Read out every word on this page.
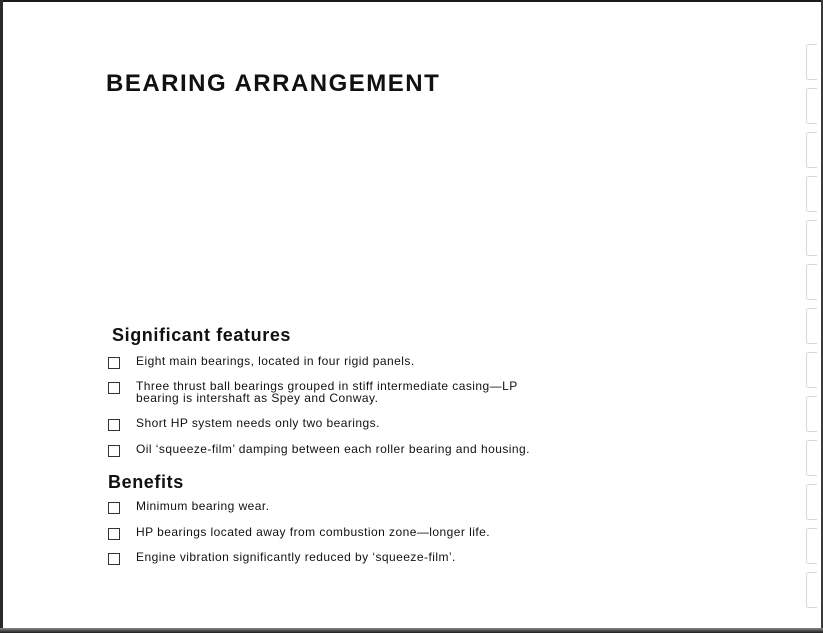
BEARING ARRANGEMENT
Significant features
Eight main bearings, located in four rigid panels.
Three thrust ball bearings grouped in stiff intermediate casing—LP
bearing is intershaft as Spey and Conway.
Short HP system needs only two bearings.
Oil ‘squeeze-film’ damping between each roller bearing and housing.
Benefits
Minimum bearing wear.
HP bearings located away from combustion zone—longer life.
Engine vibration significantly reduced by ‘squeeze-film’.
